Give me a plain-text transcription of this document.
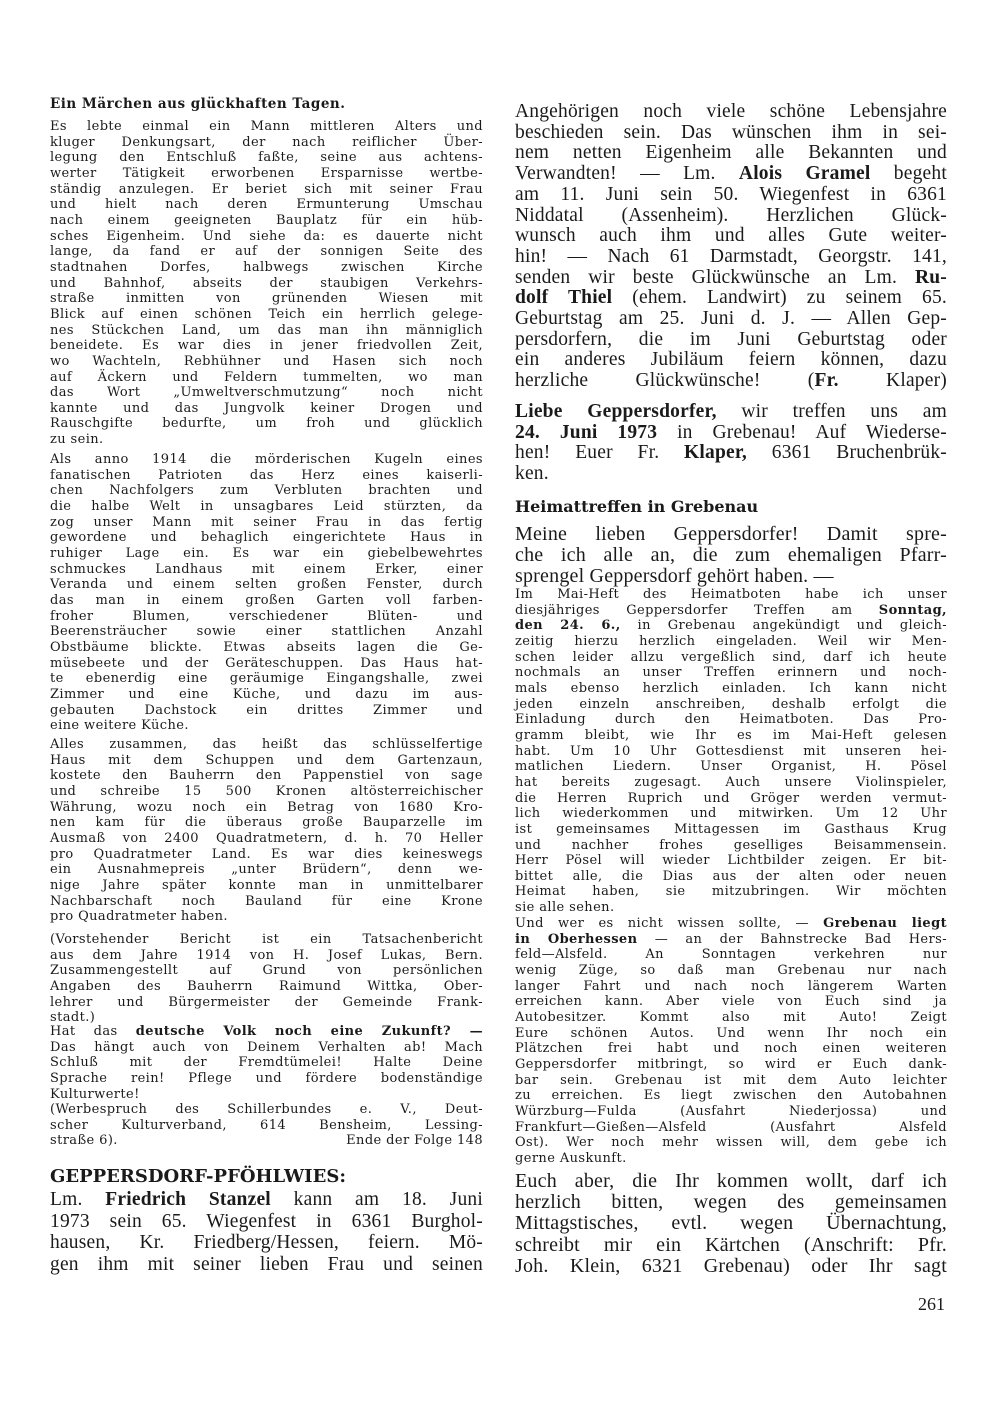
Ein Märchen aus glückhaften Tagen.
Es lebte einmal ein Mann mittleren Alters und
kluger Denkungsart, der nach reiflicher Über-
legung den Entschluß faßte, seine aus achtens-
werter Tätigkeit erworbenen Ersparnisse wertbe-
ständig anzulegen. Er beriet sich mit seiner Frau
und hielt nach deren Ermunterung Umschau
nach einem geeigneten Bauplatz für ein hüb-
sches Eigenheim. Und siehe da: es dauerte nicht
lange, da fand er auf der sonnigen Seite des
stadtnahen Dorfes, halbwegs zwischen Kirche
und Bahnhof, abseits der staubigen Verkehrs-
straße inmitten von grünenden Wiesen mit
Blick auf einen schönen Teich ein herrlich gelege-
nes Stückchen Land, um das man ihn männiglich
beneidete. Es war dies in jener friedvollen Zeit,
wo Wachteln, Rebhühner und Hasen sich noch
auf Äckern und Feldern tummelten, wo man
das Wort „Umweltverschmutzung“ noch nicht
kannte und das Jungvolk keiner Drogen und
Rauschgifte bedurfte, um froh und glücklich
zu sein.
Als anno 1914 die mörderischen Kugeln eines
fanatischen Patrioten das Herz eines kaiserli-
chen Nachfolgers zum Verbluten brachten und
die halbe Welt in unsagbares Leid stürzten, da
zog unser Mann mit seiner Frau in das fertig
gewordene und behaglich eingerichtete Haus in
ruhiger Lage ein. Es war ein giebelbewehrtes
schmuckes Landhaus mit einem Erker, einer
Veranda und einem selten großen Fenster, durch
das man in einem großen Garten voll farben-
froher Blumen, verschiedener Blüten- und
Beerensträucher sowie einer stattlichen Anzahl
Obstbäume blickte. Etwas abseits lagen die Ge-
müsebeete und der Geräteschuppen. Das Haus hat-
te ebenerdig eine geräumige Eingangshalle, zwei
Zimmer und eine Küche, und dazu im aus-
gebauten Dachstock ein drittes Zimmer und
eine weitere Küche.
Alles zusammen, das heißt das schlüsselfertige
Haus mit dem Schuppen und dem Gartenzaun,
kostete den Bauherrn den Pappenstiel von sage
und schreibe 15 500 Kronen altösterreichischer
Währung, wozu noch ein Betrag von 1680 Kro-
nen kam für die überaus große Bauparzelle im
Ausmaß von 2400 Quadratmetern, d. h. 70 Heller
pro Quadratmeter Land. Es war dies keineswegs
ein Ausnahmepreis „unter Brüdern“, denn we-
nige Jahre später konnte man in unmittelbarer
Nachbarschaft noch Bauland für eine Krone
pro Quadratmeter haben.
(Vorstehender Bericht ist ein Tatsachenbericht
aus dem Jahre 1914 von H. Josef Lukas, Bern.
Zusammengestellt auf Grund von persönlichen
Angaben des Bauherrn Raimund Wittka, Ober-
lehrer und Bürgermeister der Gemeinde Frank-
stadt.)
Hat das deutsche Volk noch eine Zukunft? —
Das hängt auch von Deinem Verhalten ab! Mach
Schluß mit der Fremdtümelei! Halte Deine
Sprache rein! Pflege und fördere bodenständige
Kulturwerte!
(Werbespruch des Schillerbundes e. V., Deut-
scher Kulturverband, 614 Bensheim, Lessing-
Ende der Folge 148
straße 6).
GEPPERSDORF-PFÖHLWIES:
Lm. Friedrich Stanzel kann am 18. Juni
1973 sein 65. Wiegenfest in 6361 Burghol-
hausen, Kr. Friedberg/Hessen, feiern. Mö-
gen ihm mit seiner lieben Frau und seinen
Angehörigen noch viele schöne Lebensjahre
beschieden sein. Das wünschen ihm in sei-
nem netten Eigenheim alle Bekannten und
Verwandten! — Lm. Alois Gramel begeht
am 11. Juni sein 50. Wiegenfest in 6361
Niddatal (Assenheim). Herzlichen Glück-
wunsch auch ihm und alles Gute weiter-
hin! — Nach 61 Darmstadt, Georgstr. 141,
senden wir beste Glückwünsche an Lm. Ru-
dolf Thiel (ehem. Landwirt) zu seinem 65.
Geburtstag am 25. Juni d. J. — Allen Gep-
persdorfern, die im Juni Geburtstag oder
ein anderes Jubiläum feiern können, dazu
herzliche Glückwünsche! (Fr. Klaper)
Liebe Geppersdorfer, wir treffen uns am
24. Juni 1973 in Grebenau! Auf Wiederse-
hen! Euer Fr. Klaper, 6361 Bruchenbrük-
ken.
Heimattreffen in Grebenau
Meine lieben Geppersdorfer! Damit spre-
che ich alle an, die zum ehemaligen Pfarr-
sprengel Geppersdorf gehört haben. —
Im Mai-Heft des Heimatboten habe ich unser
diesjähriges Geppersdorfer Treffen am Sonntag,
den 24. 6., in Grebenau angekündigt und gleich-
zeitig hierzu herzlich eingeladen. Weil wir Men-
schen leider allzu vergeßlich sind, darf ich heute
nochmals an unser Treffen erinnern und noch-
mals ebenso herzlich einladen. Ich kann nicht
jeden einzeln anschreiben, deshalb erfolgt die
Einladung durch den Heimatboten. Das Pro-
gramm bleibt, wie Ihr es im Mai-Heft gelesen
habt. Um 10 Uhr Gottesdienst mit unseren hei-
matlichen Liedern. Unser Organist, H. Pösel
hat bereits zugesagt. Auch unsere Violinspieler,
die Herren Ruprich und Gröger werden vermut-
lich wiederkommen und mitwirken. Um 12 Uhr
ist gemeinsames Mittagessen im Gasthaus Krug
und nachher frohes geselliges Beisammensein.
Herr Pösel will wieder Lichtbilder zeigen. Er bit-
bittet alle, die Dias aus der alten oder neuen
Heimat haben, sie mitzubringen. Wir möchten
sie alle sehen.
Und wer es nicht wissen sollte, — Grebenau liegt
in Oberhessen — an der Bahnstrecke Bad Hers-
feld—Alsfeld. An Sonntagen verkehren nur
wenig Züge, so daß man Grebenau nur nach
langer Fahrt und nach noch längerem Warten
erreichen kann. Aber viele von Euch sind ja
Autobesitzer. Kommt also mit Auto! Zeigt
Eure schönen Autos. Und wenn Ihr noch ein
Plätzchen frei habt und noch einen weiteren
Geppersdorfer mitbringt, so wird er Euch dank-
bar sein. Grebenau ist mit dem Auto leichter
zu erreichen. Es liegt zwischen den Autobahnen
Würzburg—Fulda (Ausfahrt Niederjossa) und
Frankfurt—Gießen—Alsfeld (Ausfahrt Alsfeld
Ost). Wer noch mehr wissen will, dem gebe ich
gerne Auskunft.
Euch aber, die Ihr kommen wollt, darf ich
herzlich bitten, wegen des gemeinsamen
Mittagstisches, evtl. wegen Übernachtung,
schreibt mir ein Kärtchen (Anschrift: Pfr.
Joh. Klein, 6321 Grebenau) oder Ihr sagt
261
